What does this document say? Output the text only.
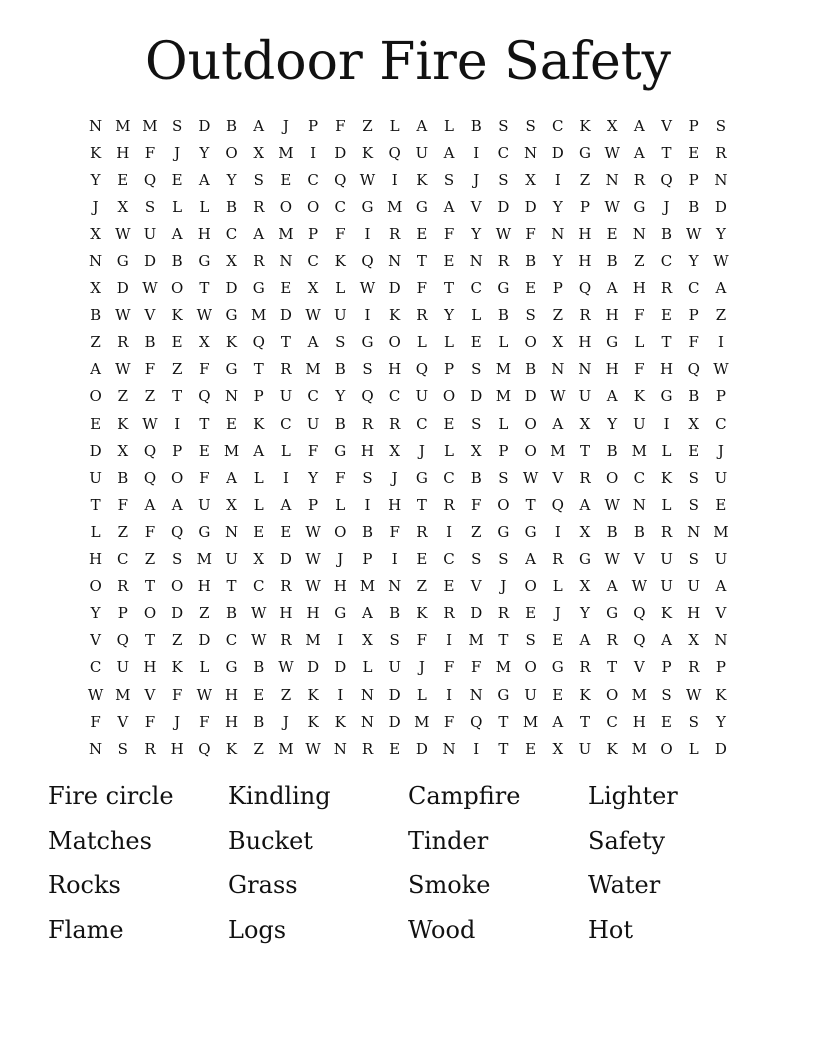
Outdoor Fire Safety
N M M S	D	B	A	J	P	F	Z	L	A	L	B	S	S	C	K	X	A	V	P	S
K	H	F	J	Y	O	X M	I	D	K	Q U	A	I	C N D	G W A	T	E	R
Y	E	Q	E	A	Y	S	E	C	Q W	I	K	S	J	S	X	I	Z	N R	Q	P	N
J	X	S	L	L	B	R	O O	C	G M G	A	V	D	D	Y	P W G	J	B	D
X W U	A	H C	A M P	F	I	R	E	F	Y W F	N H	E	N	B W Y
N G	D	B	G	X	R N C	K	Q N	T	E	N R	B	Y	H	B	Z	C	Y W
X	D W O	T	D	G	E	X	L W D	F	T	C	G	E	P	Q	A	H R	C	A
B W V	K W G M D W U	I	K	R	Y	L	B	S	Z	R	H	F	E	P	Z
Z	R	B	E	X	K	Q	T	A	S	G	O	L	L	E	L	O	X	H G	L	T	F	I
A W F	Z	F	G	T	R M B	S	H Q	P	S M B	N N H	F	H Q W
O	Z	Z	T	Q N	P	U	C	Y	Q	C	U O	D M D W U	A	K	G	B	P
E	K W	I	T	E	K	C	U	B	R	R	C	E	S	L	O	A	X	Y	U	I	X	C
D	X	Q	P	E M A	L	F	G H	X	J	L	X	P	O M T	B M L	E	J
U	B	Q O	F	A	L	I	Y	F	S	J	G	C	B	S W V	R	O	C	K	S	U
T	F	A	A	U	X	L	A	P	L	I	H	T	R	F	O	T	Q	A W N	L	S	E
L	Z	F	Q	G N	E	E W O	B	F	R	I	Z	G	G	I	X	B	B	R N M
H C	Z	S M U	X	D W	J	P	I	E	C	S	S	A	R	G W V	U	S	U
O	R	T	O H	T	C	R W H M N	Z	E	V	J	O	L	X	A W U U	A
Y	P	O	D	Z	B W H H G	A	B	K	R	D	R	E	J	Y	G	Q	K	H	V
V	Q	T	Z	D	C W R M	I	X	S	F	I	M T	S	E	A	R	Q	A	X	N
C	U H	K	L	G	B W D	D	L	U	J	F	F M O	G	R	T	V	P	R	P
W M V	F W H	E	Z	K	I	N D	L	I	N G U	E	K	O M S W K
F	V	F	J	F	H	B	J	K	K	N D M F	Q	T M A	T	C H	E	S	Y
N	S	R	H Q	K	Z M W N R	E	D N	I	T	E	X	U	K M O	L	D
Fire circle	Kindling	Campfire	Lighter
Matches	Bucket	Tinder	Safety
Rocks	Grass	Smoke	Water
Flame	Logs	Wood	Hot
